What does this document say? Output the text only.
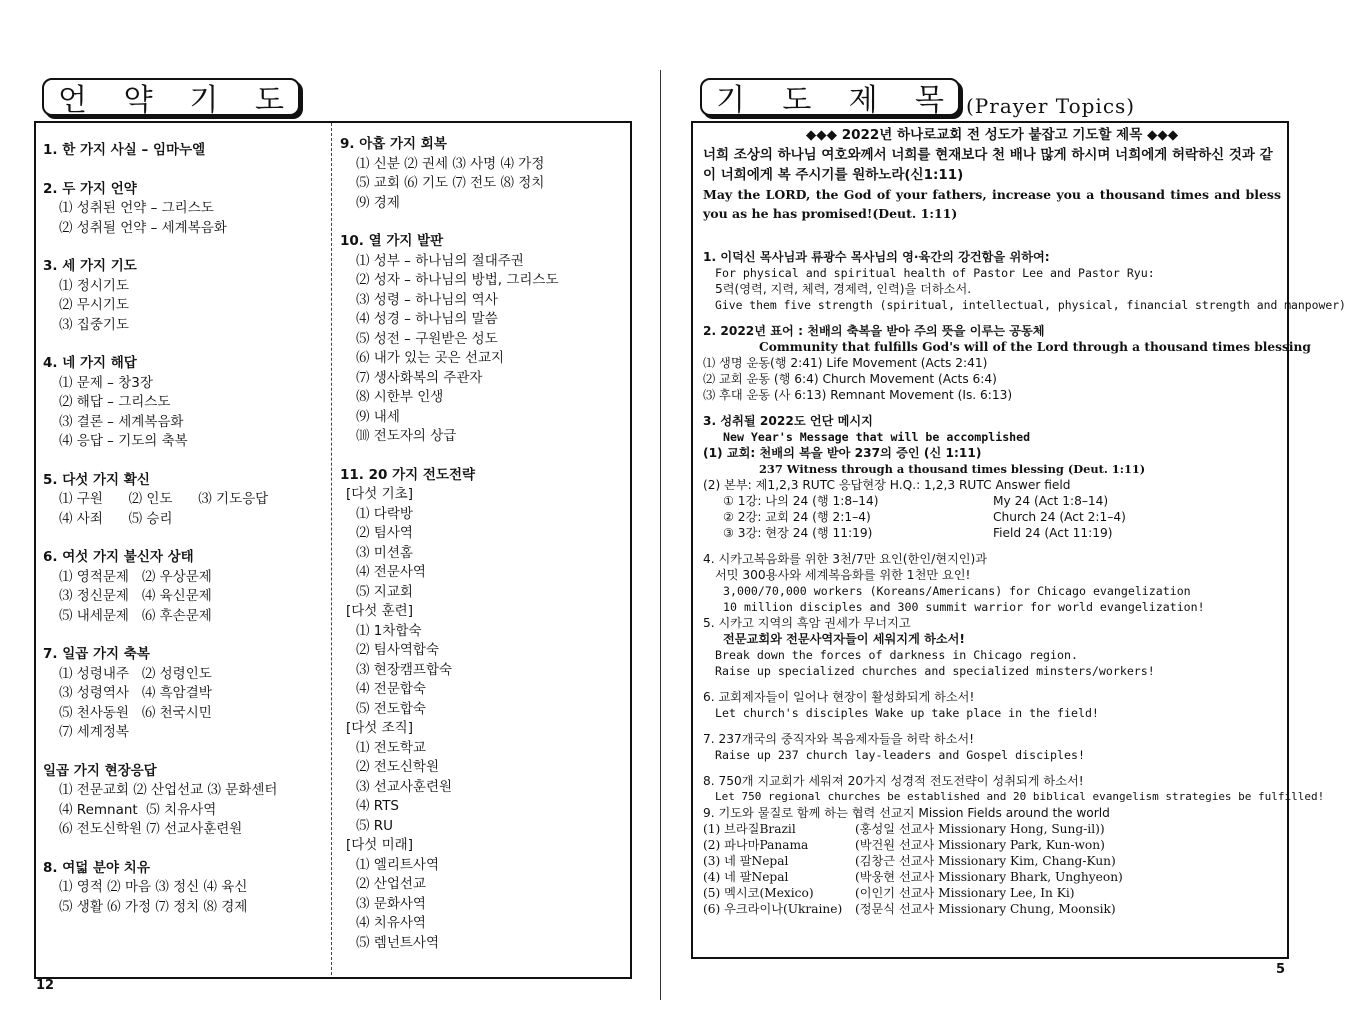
언 약 기 도
1. 한 가지 사실 – 임마누엘
2. 두 가지 언약
⑴ 성취된 언약 – 그리스도
⑵ 성취될 언약 – 세계복음화
3. 세 가지 기도
⑴ 정시기도
⑵ 무시기도
⑶ 집중기도
4. 네 가지 해답
⑴ 문제 – 창3장
⑵ 해답 – 그리스도
⑶ 결론 – 세계복음화
⑷ 응답 – 기도의 축복
5. 다섯 가지 확신
⑴ 구원      ⑵ 인도      ⑶ 기도응답
⑷ 사죄      ⑸ 승리
6. 여섯 가지 불신자 상태
⑴ 영적문제   ⑵ 우상문제
⑶ 정신문제   ⑷ 육신문제
⑸ 내세문제   ⑹ 후손문제
7. 일곱 가지 축복
⑴ 성령내주   ⑵ 성령인도
⑶ 성령역사   ⑷ 흑암결박
⑸ 천사동원   ⑹ 천국시민
⑺ 세계정복
일곱 가지 현장응답
⑴ 전문교회 ⑵ 산업선교 ⑶ 문화센터
⑷ Remnant  ⑸ 치유사역
⑹ 전도신학원 ⑺ 선교사훈련원
8. 여덟 분야 치유
⑴ 영적 ⑵ 마음 ⑶ 정신 ⑷ 육신
⑸ 생활 ⑹ 가정 ⑺ 정치 ⑻ 경제
9. 아홉 가지 회복
⑴ 신분 ⑵ 권세 ⑶ 사명 ⑷ 가정
⑸ 교회 ⑹ 기도 ⑺ 전도 ⑻ 정치
⑼ 경제
10. 열 가지 발판
⑴ 성부 – 하나님의 절대주권
⑵ 성자 – 하나님의 방법, 그리스도
⑶ 성령 – 하나님의 역사
⑷ 성경 – 하나님의 말씀
⑸ 성전 – 구원받은 성도
⑹ 내가 있는 곳은 선교지
⑺ 생사화복의 주관자
⑻ 시한부 인생
⑼ 내세
⑽ 전도자의 상급
11. 20 가지 전도전략
[다섯 기초]
⑴ 다락방
⑵ 팀사역
⑶ 미션홈
⑷ 전문사역
⑸ 지교회
[다섯 훈련]
⑴ 1차합숙
⑵ 팀사역합숙
⑶ 현장캠프합숙
⑷ 전문합숙
⑸ 전도합숙
[다섯 조직]
⑴ 전도학교
⑵ 전도신학원
⑶ 선교사훈련원
⑷ RTS
⑸ RU
[다섯 미래]
⑴ 엘리트사역
⑵ 산업선교
⑶ 문화사역
⑷ 치유사역
⑸ 렘넌트사역
12
기 도 제 목 (Prayer Topics)
◆◆◆ 2022년 하나로교회 전 성도가 붙잡고 기도할 제목 ◆◆◆
너희 조상의 하나님 여호와께서 너희를 현재보다 천 배나 많게 하시며 너희에게 허락하신 것과 같이 너희에게 복 주시기를 원하노라(신1:11)
May the LORD, the God of your fathers, increase you a thousand times and bless you as he has promised!(Deut. 1:11)
1. 이덕신 목사님과 류광수 목사님의 영·육간의 강건함을 위하여:
For physical and spiritual health of Pastor Lee and Pastor Ryu:
5력(영력, 지력, 체력, 경제력, 인력)을 더하소서.
Give them five strength (spiritual, intellectual, physical, financial strength and manpower)
2. 2022년 표어 : 천배의 축복을 받아 주의 뜻을 이루는 공동체
Community that fulfills God's will of the Lord through a thousand times blessing
⑴ 생명 운동(행 2:41) Life Movement (Acts 2:41)
⑵ 교회 운동 (행 6:4) Church Movement (Acts 6:4)
⑶ 후대 운동 (사 6:13) Remnant Movement (Is. 6:13)
3. 성취될 2022도 언단 메시지
New Year's Message that will be accomplished
(1) 교회: 천배의 복을 받아 237의 증인 (신 1:11)
237 Witness through a thousand times blessing (Deut. 1:11)
(2) 본부: 제1,2,3 RUTC 응답현장 H.Q.: 1,2,3 RUTC Answer field
① 1강: 나의 24 (행 1:8–14)	My 24 (Act 1:8–14)
② 2강: 교회 24 (행 2:1–4)	Church 24 (Act 2:1–4)
③ 3강: 현장 24 (행 11:19)	Field 24 (Act 11:19)
4. 시카고복음화를 위한 3천/7만 요인(한인/현지인)과
서밋 300용사와 세계복음화를 위한 1천만 요인!
3,000/70,000 workers (Koreans/Americans) for Chicago evangelization
10 million disciples and 300 summit warrior for world evangelization!
5. 시카고 지역의 흑암 권세가 무너지고
전문교회와 전문사역자들이 세워지게 하소서!
Break down the forces of darkness in Chicago region.
Raise up specialized churches and specialized minsters/workers!
6. 교회제자들이 일어나 현장이 활성화되게 하소서!
Let church's disciples Wake up take place in the field!
7. 237개국의 중직자와 복음제자들을 허락 하소서!
Raise up 237 church lay-leaders and Gospel disciples!
8. 750개 지교회가 세워져 20가지 성경적 전도전략이 성취되게 하소서!
Let 750 regional churches be established and 20 biblical evangelism strategies be fulfilled!
9. 기도와 물질로 함께 하는 협력 선교지 Mission Fields around the world
(1) 브라질Brazil	(홍성일 선교사 Missionary Hong, Sung-il))
(2) 파나마Panama	(박건원 선교사 Missionary Park, Kun-won)
(3) 네 팔Nepal	(김창근 선교사 Missionary Kim, Chang-Kun)
(4) 네 팔Nepal	(박웅현 선교사 Missionary Bhark, Unghyeon)
(5) 멕시코(Mexico)	(이인기 선교사 Missionary Lee, In Ki)
(6) 우크라이나(Ukraine)	(정문식 선교사 Missionary Chung, Moonsik)
5
